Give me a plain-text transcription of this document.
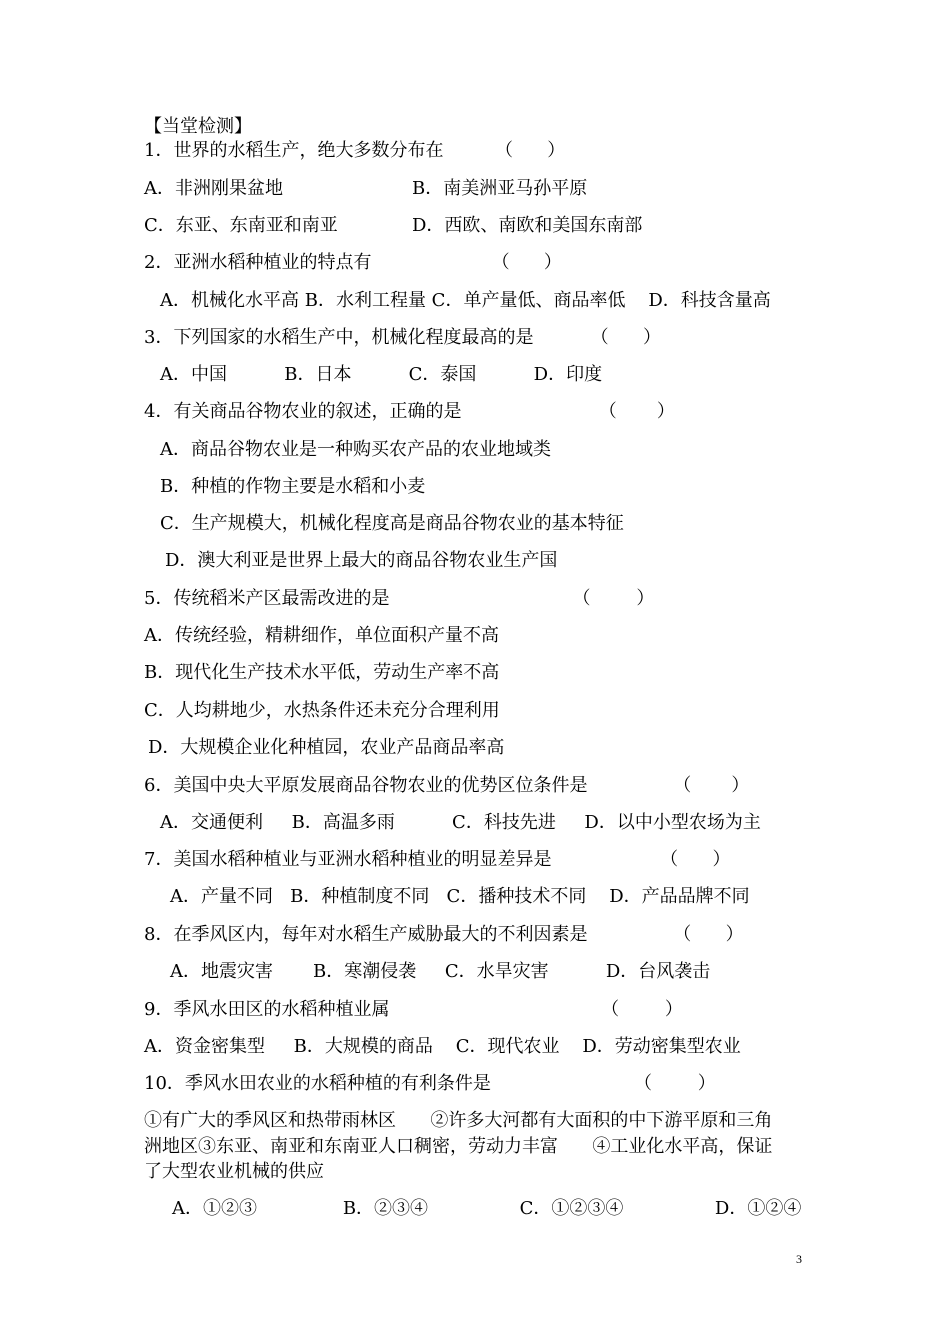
【当堂检测】
1．世界的水稻生产，绝大多数分布在         （      ）
A．非洲刚果盆地	B．南美洲亚马孙平原
C．东亚、东南亚和南亚	D．西欧、南欧和美国东南部
2．亚洲水稻种植业的特点有                     （      ）
A．机械化水平高 B．水利工程量 C．单产量低、商品率低    D．科技含量高
3．下列国家的水稻生产中，机械化程度最高的是          （      ）
A．中国          B．日本          C．泰国          D．印度
4．有关商品谷物农业的叙述，正确的是                        （       ）
A．商品谷物农业是一种购买农产品的农业地域类
B．种植的作物主要是水稻和小麦
C．生产规模大，机械化程度高是商品谷物农业的基本特征
D．澳大利亚是世界上最大的商品谷物农业生产国
5．传统稻米产区最需改进的是                                （        ）
A．传统经验，精耕细作，单位面积产量不高
B．现代化生产技术水平低，劳动生产率不高
C．人均耕地少，水热条件还未充分合理利用
D．大规模企业化种植园，农业产品商品率高
6．美国中央大平原发展商品谷物农业的优势区位条件是               （       ）
A．交通便利     B．高温多雨          C．科技先进     D．以中小型农场为主
7．美国水稻种植业与亚洲水稻种植业的明显差异是                   （      ）
A．产量不同   B．种植制度不同   C．播种技术不同    D．产品品牌不同
8．在季风区内，每年对水稻生产威胁最大的不利因素是               （      ）
A．地震灾害       B．寒潮侵袭     C．水旱灾害          D．台风袭击
9．季风水田区的水稻种植业属                                     （        ）
A．资金密集型     B．大规模的商品    C．现代农业    D．劳动密集型农业
10．季风水田农业的水稻种植的有利条件是                         （        ）
①有广大的季风区和热带雨林区      ②许多大河都有大面积的中下游平原和三角
洲地区③东亚、南亚和东南亚人口稠密，劳动力丰富      ④工业化水平高，保证
了大型农业机械的供应
A．①②③               B．②③④                C．①②③④                D．①②④
3
